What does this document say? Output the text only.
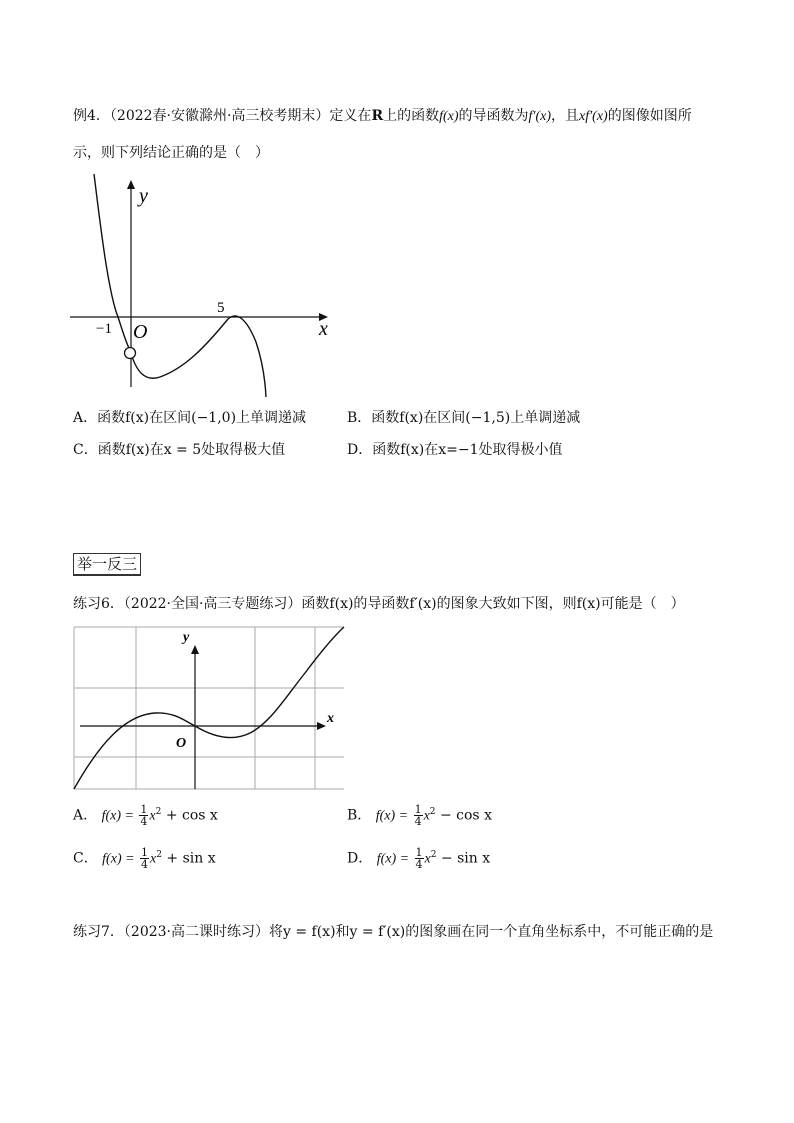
例4．（2022春·安徽滁州·高三校考期末）定义在R上的函数f(x)的导函数为f′(x)，且xf′(x)的图像如图所
示，则下列结论正确的是（　）
y
x
O
−1
5
A．函数f(x)在区间(−1,0)上单调递减	B．函数f(x)在区间(−1,5)上单调递减
C．函数f(x)在x = 5处取得极大值	D．函数f(x)在x=−1处取得极小值
举一反三
练习6．（2022·全国·高三专题练习）函数f(x)的导函数f′(x)的图象大致如下图，则f(x)可能是（　）
y
x
O
A． $f(x) = \frac{1}{4} x^2 + \cos x$	B． $f(x) = \frac{1}{4} x^2 - \cos x$
C． $f(x) = \frac{1}{4} x^2 + \sin x$	D． $f(x) = \frac{1}{4} x^2 - \sin x$
练习7．（2023·高二课时练习）将y = f(x)和y = f′(x)的图象画在同一个直角坐标系中，不可能正确的是
